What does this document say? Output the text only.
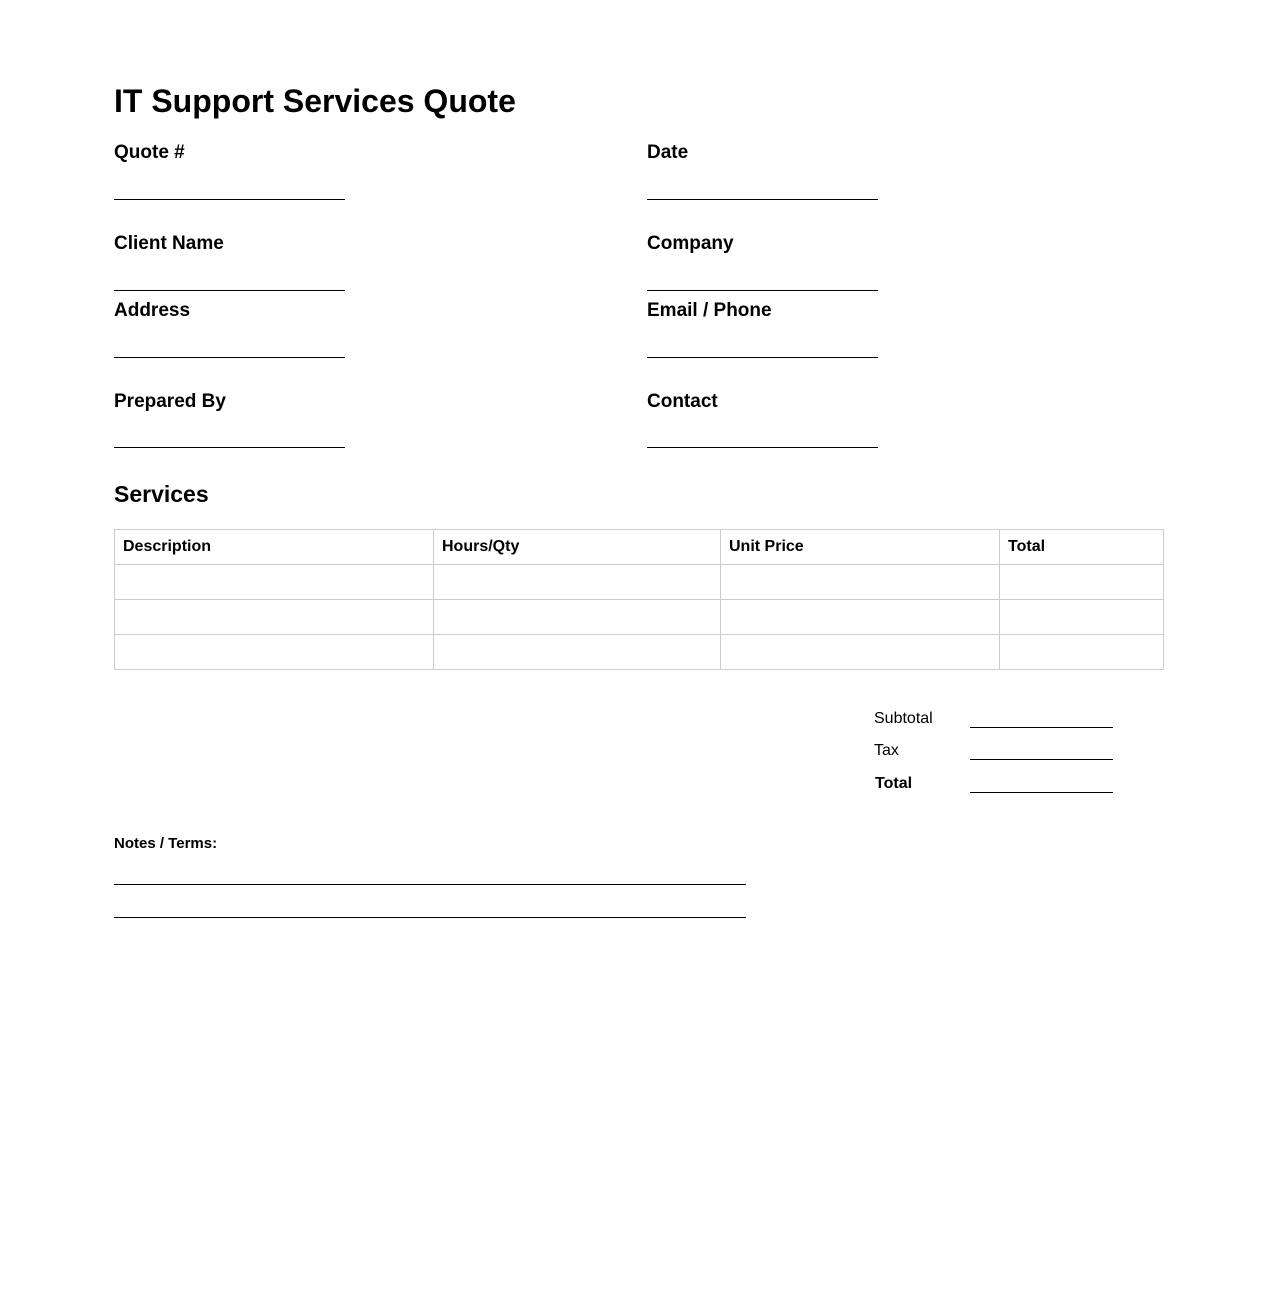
IT Support Services Quote
Quote #	Date
Client Name	Company
Address	Email / Phone
Prepared By	Contact
Services
Description	Hours/Qty	Unit Price	Total

Subtotal
Tax
Total
Notes / Terms:
